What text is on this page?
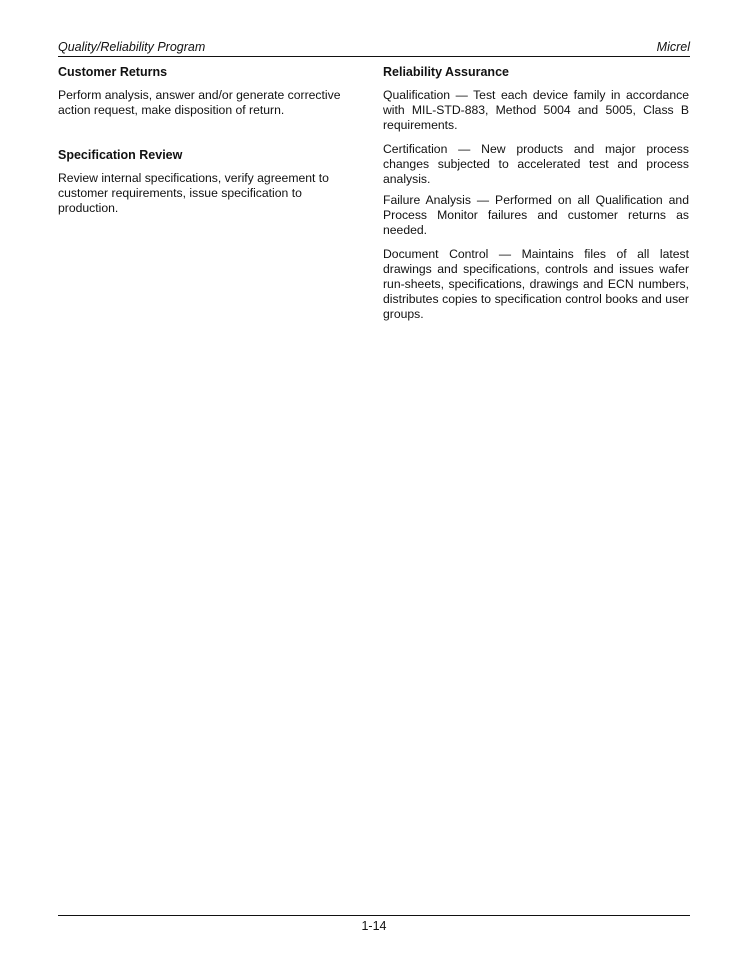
Quality/Reliability Program	Micrel
Customer Returns

Perform analysis, answer and/or generate corrective action request, make disposition of return.

Specification Review

Review internal specifications, verify agreement to customer requirements, issue specification to production.

Reliability Assurance

Qualification — Test each device family in accordance with MIL-STD-883, Method 5004 and 5005, Class B requirements.

Certification — New products and major process changes subjected to accelerated test and process analysis.

Failure Analysis — Performed on all Qualification and Process Monitor failures and customer returns as needed.

Document Control — Maintains files of all latest drawings and specifications, controls and issues wafer run-sheets, specifications, drawings and ECN numbers, distributes copies to specification control books and user groups.

1-14
